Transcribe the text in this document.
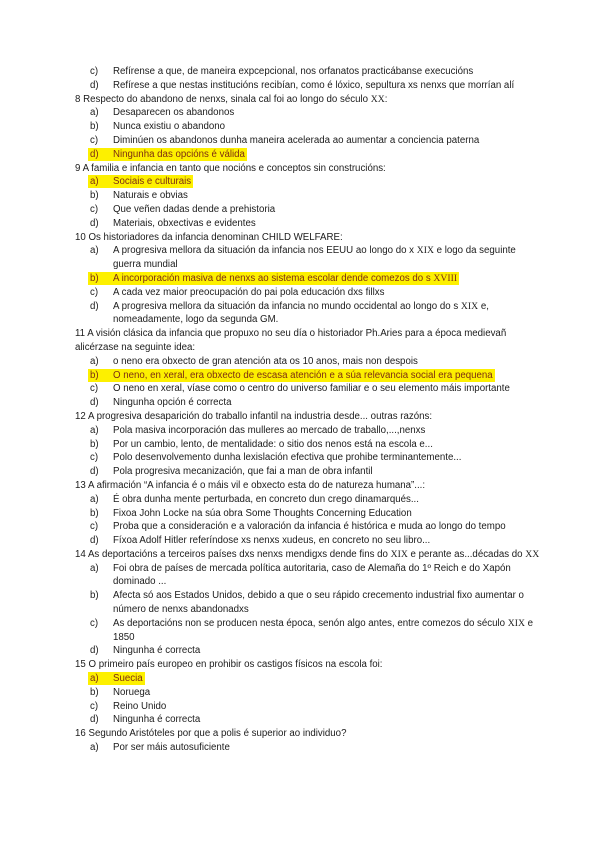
c) Refírense a que, de maneira expcepcional, nos orfanatos practicábanse execucións
d) Refírese a que nestas institucións recibían, como é lóxico, sepultura xs nenxs que morrían alí
8 Respecto do abandono de nenxs, sinala cal foi ao longo do século XX:
a) Desaparecen os abandonos
b) Nunca existiu o abandono
c) Diminúen os abandonos dunha maneira acelerada ao aumentar a conciencia paterna
d) Ningunha das opcións é válida
9 A familia e infancia en tanto que nocións e conceptos sin construcións:
a) Sociais e culturais
b) Naturais e obvias
c) Que veñen dadas dende a prehistoria
d) Materiais, obxectivas e evidentes
10 Os historiadores da infancia denominan CHILD WELFARE:
a) A progresiva mellora da situación da infancia nos EEUU ao longo do x XIX e logo da seguinte guerra mundial
b) A incorporación masiva de nenxs ao sistema escolar dende comezos do s XVIII
c) A cada vez maior preocupación do pai pola educación dxs fillxs
d) A progresiva mellora da situación da infancia no mundo occidental ao longo do s XIX e, nomeadamente, logo da segunda GM.
11 A visión clásica da infancia que propuxo no seu día o historiador Ph.Aries para a época medievañ alicérzase na seguinte idea:
a) o neno era obxecto de gran atención ata os 10 anos, mais non despois
b) O neno, en xeral, era obxecto de escasa atención e a súa relevancia social era pequena
c) O neno en xeral, víase como o centro do universo familiar e o seu elemento máis importante
d) Ningunha opción é correcta
12 A progresiva desaparición do traballo infantil na industria desde... outras razóns:
a) Pola masiva incorporación das mulleres ao mercado de traballo,...,nenxs
b) Por un cambio, lento, de mentalidade: o sitio dos nenos está na escola e...
c) Polo desenvolvemento dunha lexislación efectiva que prohibe terminantemente...
d) Pola progresiva mecanización, que fai a man de obra infantil
13 A afirmación “A infancia é o máis vil e obxecto esta do de natureza humana”...:
a) É obra dunha mente perturbada, en concreto dun crego dinamarqués...
b) Fixoa John Locke na súa obra Some Thoughts Concerning Education
c) Proba que a consideración e a valoración da infancia é histórica e muda ao longo do tempo
d) Fíxoa Adolf Hitler referíndose xs nenxs xudeus, en concreto no seu libro...
14 As deportacións a terceiros países dxs nenxs mendigxs dende fins do XIX e perante as...décadas do XX
a) Foi obra de países de mercada política autoritaria, caso de Alemaña do 1º Reich e do Xapón dominado ...
b) Afecta só aos Estados Unidos, debido a que o seu rápido crecemento industrial fixo aumentar o número de nenxs abandonadxs
c) As deportacións non se producen nesta época, senón algo antes, entre comezos do século XIX e 1850
d) Ningunha é correcta
15 O primeiro país europeo en prohibir os castigos físicos na escola foi:
a) Suecia
b) Noruega
c) Reino Unido
d) Ningunha é correcta
16 Segundo Aristóteles por que a polis é superior ao individuo?
a) Por ser máis autosuficiente
